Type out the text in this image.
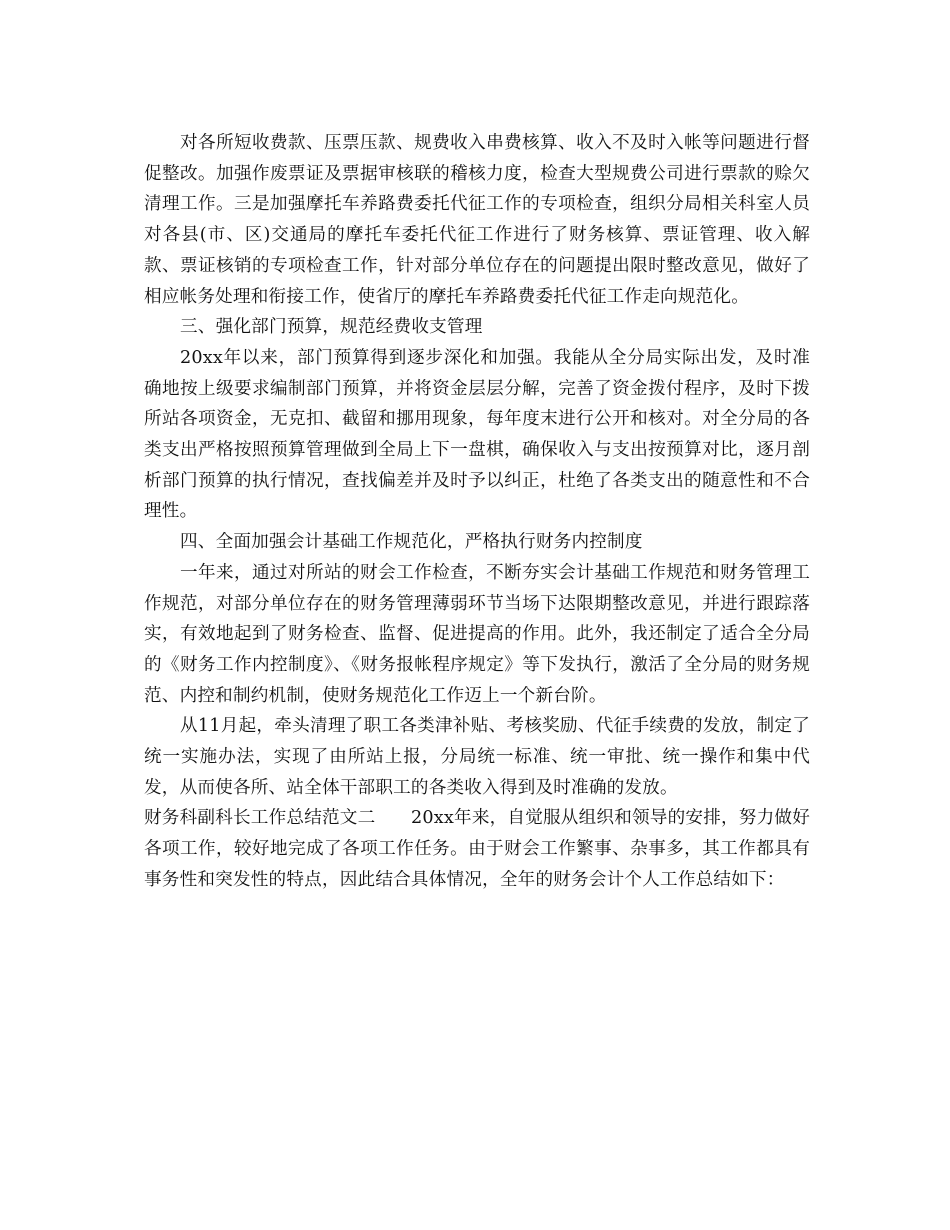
对各所短收费款、压票压款、规费收入串费核算、收入不及时入帐等问题进行督促整改。加强作废票证及票据审核联的稽核力度，检查大型规费公司进行票款的赊欠清理工作。三是加强摩托车养路费委托代征工作的专项检查，组织分局相关科室人员对各县(市、区)交通局的摩托车委托代征工作进行了财务核算、票证管理、收入解款、票证核销的专项检查工作，针对部分单位存在的问题提出限时整改意见，做好了相应帐务处理和衔接工作，使省厅的摩托车养路费委托代征工作走向规范化。

三、强化部门预算，规范经费收支管理

20xx年以来，部门预算得到逐步深化和加强。我能从全分局实际出发，及时准确地按上级要求编制部门预算，并将资金层层分解，完善了资金拨付程序，及时下拨所站各项资金，无克扣、截留和挪用现象，每年度末进行公开和核对。对全分局的各类支出严格按照预算管理做到全局上下一盘棋，确保收入与支出按预算对比，逐月剖析部门预算的执行情况，查找偏差并及时予以纠正，杜绝了各类支出的随意性和不合理性。

四、全面加强会计基础工作规范化，严格执行财务内控制度

一年来，通过对所站的财会工作检查，不断夯实会计基础工作规范和财务管理工作规范，对部分单位存在的财务管理薄弱环节当场下达限期整改意见，并进行跟踪落实，有效地起到了财务检查、监督、促进提高的作用。此外，我还制定了适合全分局的《财务工作内控制度》、《财务报帐程序规定》等下发执行，激活了全分局的财务规范、内控和制约机制，使财务规范化工作迈上一个新台阶。

从11月起，牵头清理了职工各类津补贴、考核奖励、代征手续费的发放，制定了统一实施办法，实现了由所站上报，分局统一标准、统一审批、统一操作和集中代发，从而使各所、站全体干部职工的各类收入得到及时准确的发放。

财务科副科长工作总结范文二　　20xx年来，自觉服从组织和领导的安排，努力做好各项工作，较好地完成了各项工作任务。由于财会工作繁事、杂事多，其工作都具有事务性和突发性的特点，因此结合具体情况，全年的财务会计个人工作总结如下：
